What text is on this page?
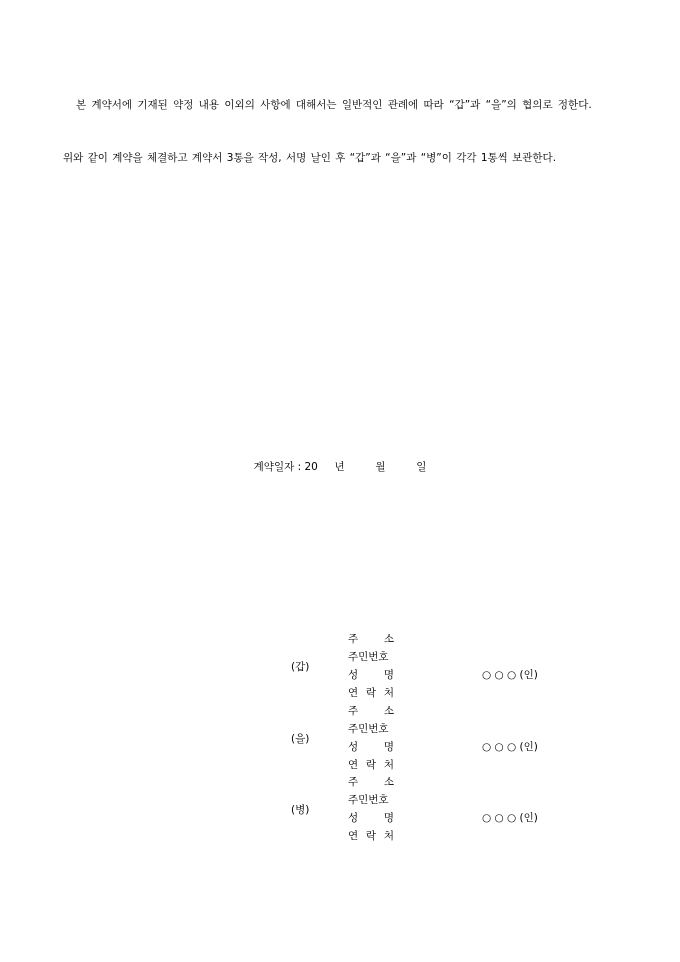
본 계약서에 기재된 약정 내용 이외의 사항에 대해서는 일반적인 관례에 따라 “갑”과 “을”의 협의로 정한다.
위와 같이 계약을 체결하고 계약서 3통을 작성, 서명 날인 후 “갑”과 “을”과 “병”이 각각 1통씩 보관한다.
계약일자 : 20 년	월	일
(갑)
주 소
주민번호
성 명
연 락 처
○ ○ ○ (인)
(을)
주 소
주민번호
성 명
연 락 처
○ ○ ○ (인)
(병)
주 소
주민번호
성 명
연 락 처
○ ○ ○ (인)
